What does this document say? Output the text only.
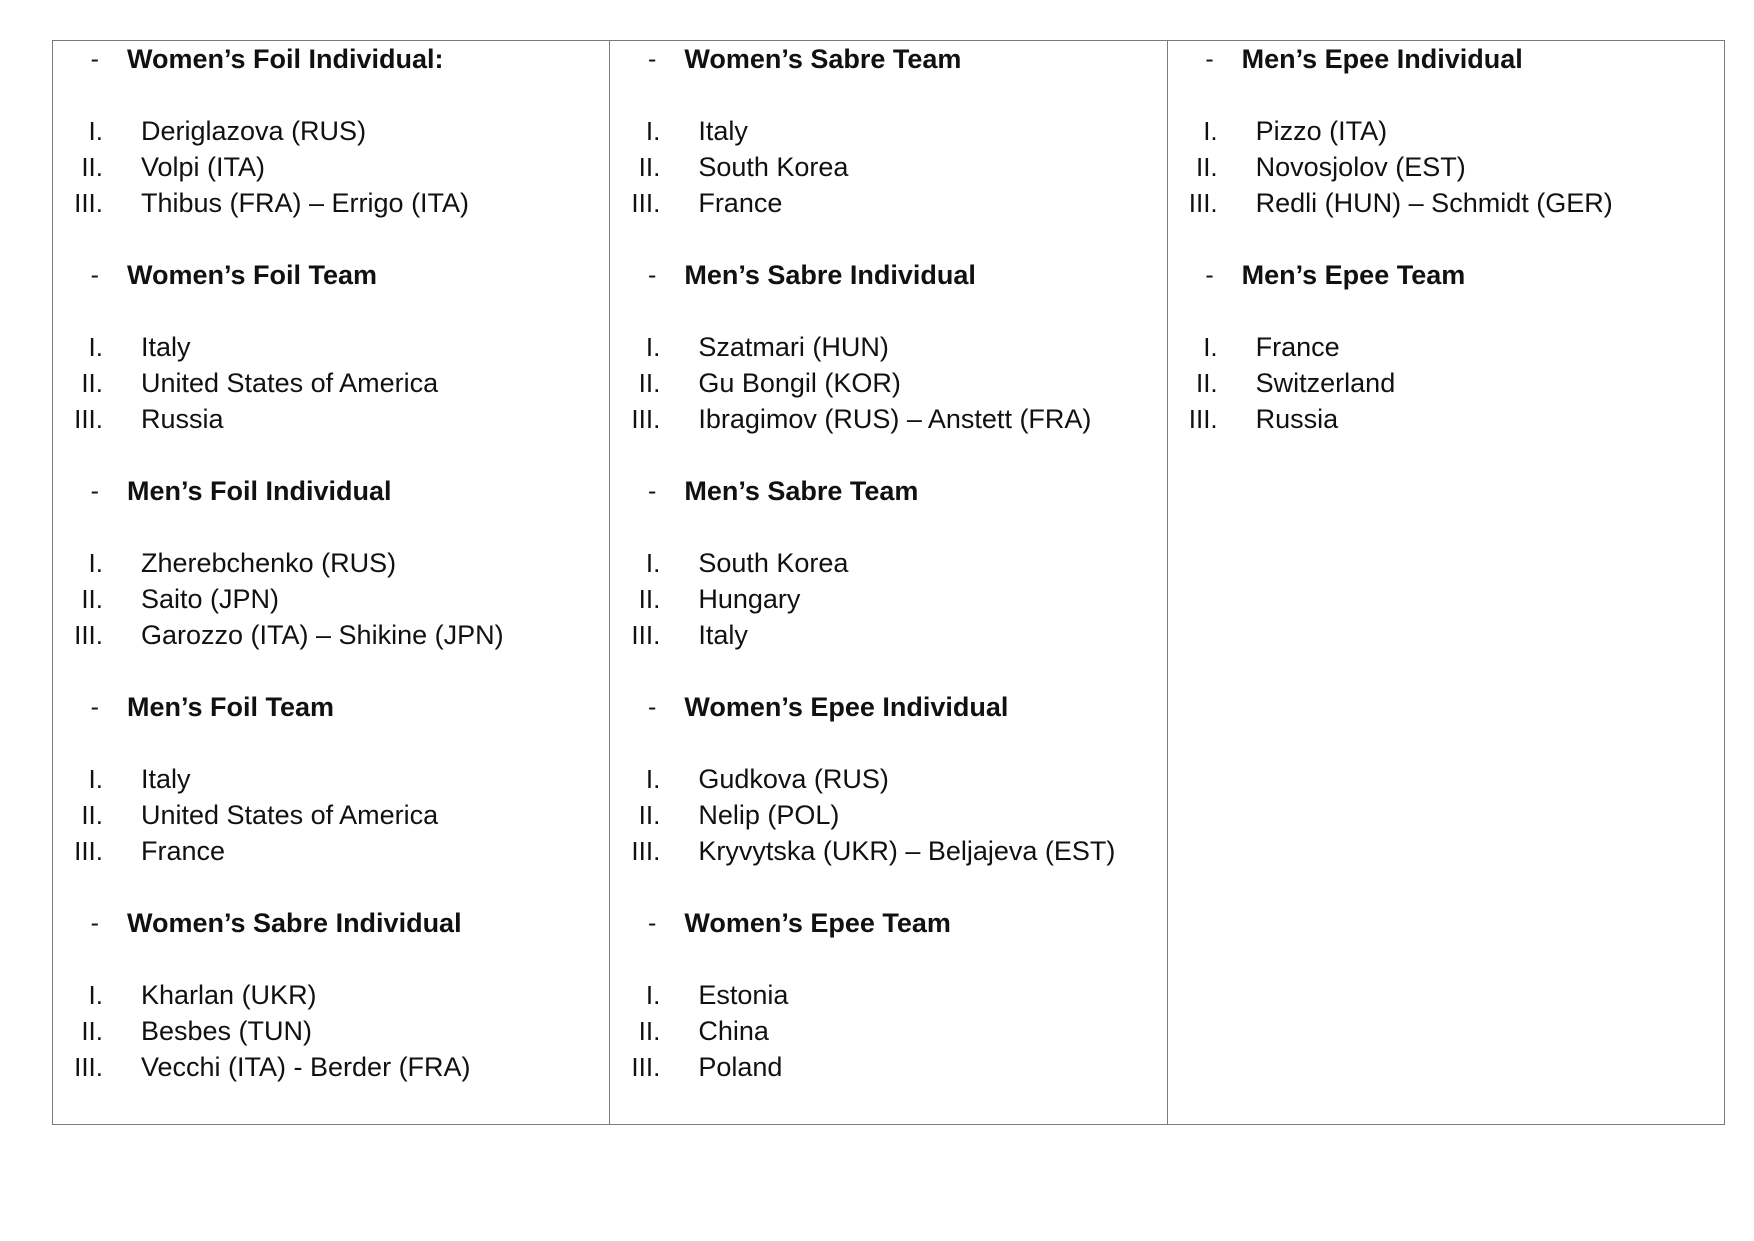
-	Women’s Foil Individual:
I.	Deriglazova (RUS)
II.	Volpi (ITA)
III.	Thibus (FRA) – Errigo (ITA)
-	Women’s Foil Team
I.	Italy
II.	United States of America
III.	Russia
-	Men’s Foil Individual
I.	Zherebchenko (RUS)
II.	Saito (JPN)
III.	Garozzo (ITA) – Shikine (JPN)
-	Men’s Foil Team
I.	Italy
II.	United States of America
III.	France
-	Women’s Sabre Individual
I.	Kharlan (UKR)
II.	Besbes (TUN)
III.	Vecchi (ITA) - Berder (FRA)
-	Women’s Sabre Team
I.	Italy
II.	South Korea
III.	France
-	Men’s Sabre Individual
I.	Szatmari (HUN)
II.	Gu Bongil (KOR)
III.	Ibragimov (RUS) – Anstett (FRA)
-	Men’s Sabre Team
I.	South Korea
II.	Hungary
III.	Italy
-	Women’s Epee Individual
I.	Gudkova (RUS)
II.	Nelip (POL)
III.	Kryvytska (UKR) – Beljajeva (EST)
-	Women’s Epee Team
I.	Estonia
II.	China
III.	Poland
-	Men’s Epee Individual
I.	Pizzo (ITA)
II.	Novosjolov (EST)
III.	Redli (HUN) – Schmidt (GER)
-	Men’s Epee Team
I.	France
II.	Switzerland
III.	Russia
